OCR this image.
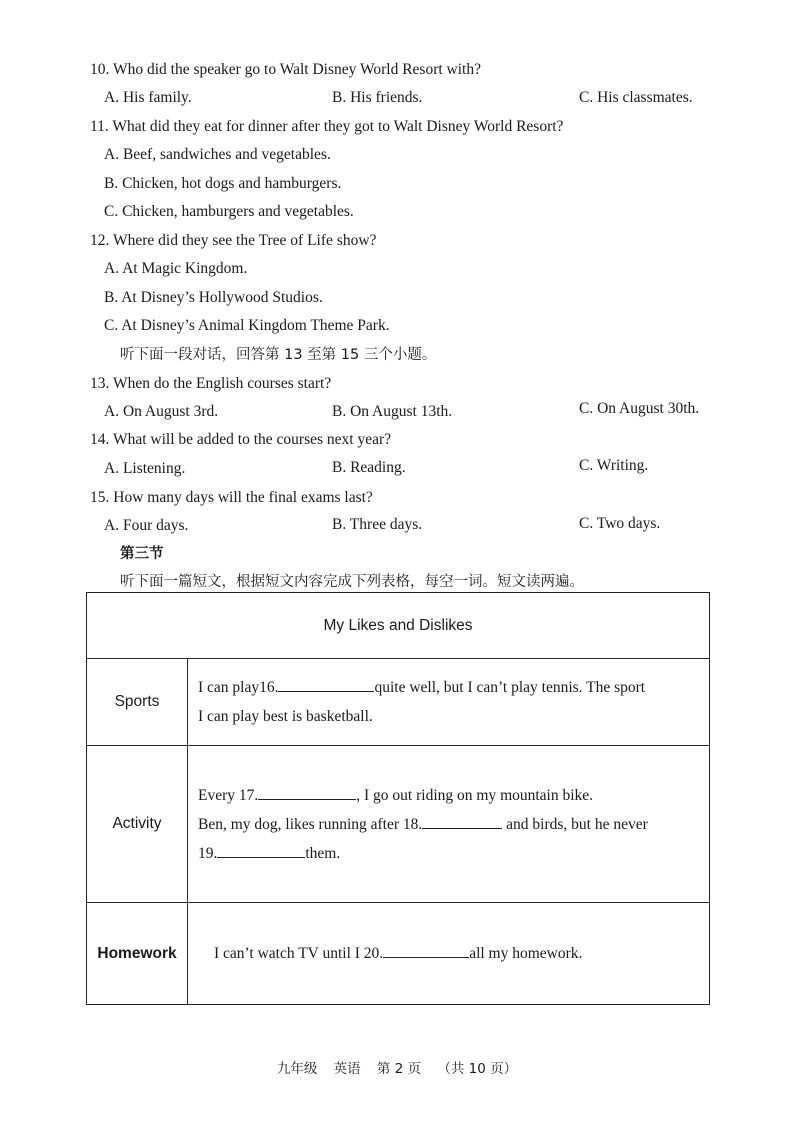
10. Who did the speaker go to Walt Disney World Resort with?
A. His family.	B. His friends.	C. His classmates.
11. What did they eat for dinner after they got to Walt Disney World Resort?
A. Beef, sandwiches and vegetables.
B. Chicken, hot dogs and hamburgers.
C. Chicken, hamburgers and vegetables.
12. Where did they see the Tree of Life show?
A. At Magic Kingdom.
B. At Disney’s Hollywood Studios.
C. At Disney’s Animal Kingdom Theme Park.
听下面一段对话，回答第 13 至第 15 三个小题。
13. When do the English courses start?
A. On August 3rd.	B. On August 13th.	C. On August 30th.
14. What will be added to the courses next year?
A. Listening.	B. Reading.	C. Writing.
15. How many days will the final exams last?
A. Four days.	B. Three days.	C. Two days.
第三节
听下面一篇短文，根据短文内容完成下列表格，每空一词。短文读两遍。
My Likes and Dislikes	
Sports	I can play16. quite well, but I can’t play tennis. The sport
I can play best is basketball.

Activity	Every 17. , I go out riding on my mountain bike.
Ben, my dog, likes running after 18. and birds, but he never
19. them.

Homework	I can’t watch TV until I 20. all my homework.
九年级 英语 第 2 页 （共 10 页）
